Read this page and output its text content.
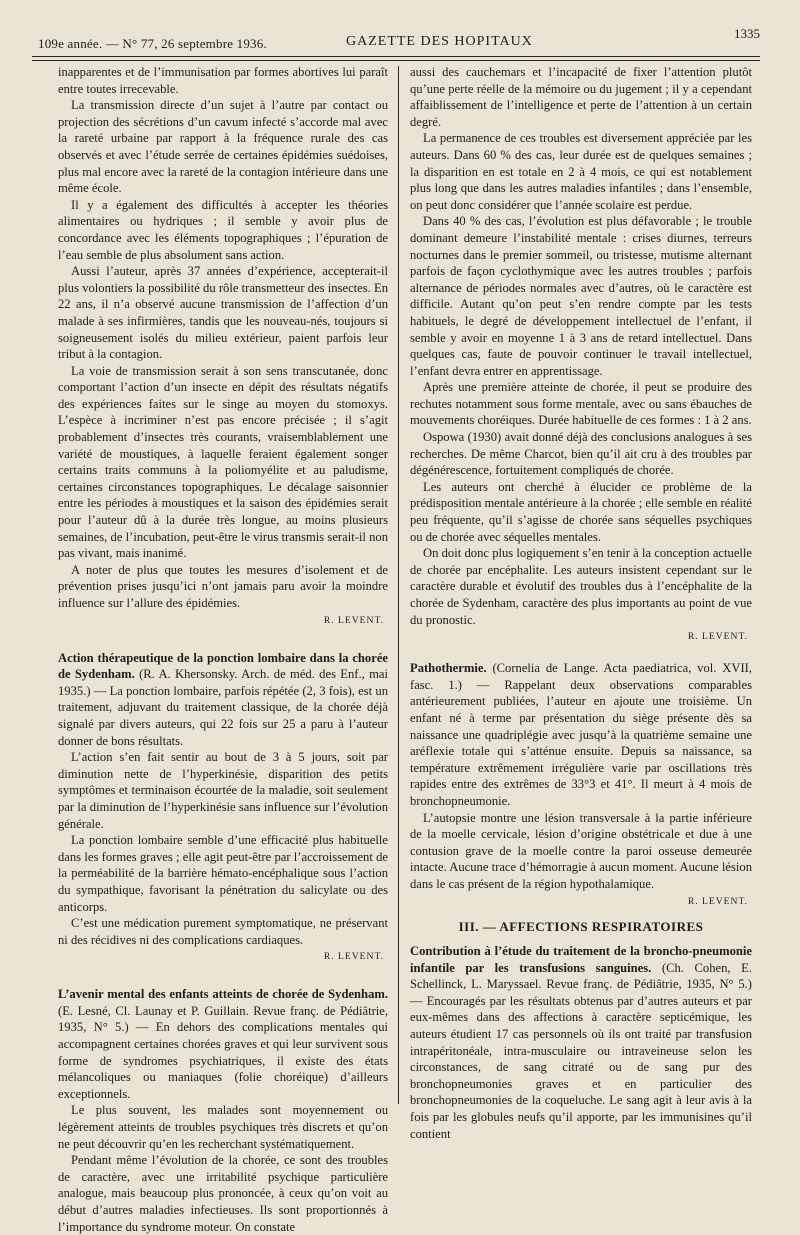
109e année. — N° 77, 26 septembre 1936.	GAZETTE DES HOPITAUX
1335

inapparentes et de l’immunisation par formes abortives lui paraît entre toutes irrecevable.

La transmission directe d’un sujet à l’autre par contact ou projection des sécrétions d’un cavum infecté s’accorde mal avec la rareté urbaine par rapport à la fréquence rurale des cas observés et avec l’étude serrée de certaines épidémies suédoises, plus mal encore avec la rareté de la contagion intérieure dans une même école.

Il y a également des difficultés à accepter les théories alimentaires ou hydriques ; il semble y avoir plus de concordance avec les éléments topographiques ; l’épuration de l’eau semble de plus absolument sans action.

Aussi l’auteur, après 37 années d’expérience, accepterait-il plus volontiers la possibilité du rôle transmetteur des insectes. En 22 ans, il n’a observé aucune transmission de l’affection d’un malade à ses infirmières, tandis que les nouveau-nés, toujours si soigneusement isolés du milieu extérieur, paient parfois leur tribut à la contagion.

La voie de transmission serait à son sens transcutanée, donc comportant l’action d’un insecte en dépit des résultats négatifs des expériences faites sur le singe au moyen du stomoxys. L’espèce à incriminer n’est pas encore précisée ; il s’agit probablement d’insectes très courants, vraisemblablement une variété de moustiques, à laquelle feraient également songer certains traits communs à la poliomyélite et au paludisme, certaines circonstances topographiques. Le décalage saisonnier entre les périodes à moustiques et la saison des épidémies serait pour l’auteur dû à la durée très longue, au moins plusieurs semaines, de l’incubation, peut-être le virus transmis serait-il non pas vivant, mais inanimé.

A noter de plus que toutes les mesures d’isolement et de prévention prises jusqu’ici n’ont jamais paru avoir la moindre influence sur l’allure des épidémies.

R. LEVENT.

Action thérapeutique de la ponction lombaire dans la chorée de Sydenham. (R. A. Khersonsky. Arch. de méd. des Enf., mai 1935.) — La ponction lombaire, parfois répétée (2, 3 fois), est un traitement, adjuvant du traitement classique, de la chorée déjà signalé par divers auteurs, qui 22 fois sur 25 a paru à l’auteur donner de bons résultats.

L’action s’en fait sentir au bout de 3 à 5 jours, soit par diminution nette de l’hyperkinésie, disparition des petits symptômes et terminaison écourtée de la maladie, soit seulement par la diminution de l’hyperkinésie sans influence sur l’évolution générale.

La ponction lombaire semble d’une efficacité plus habituelle dans les formes graves ; elle agit peut-être par l’accroissement de la perméabilité de la barrière hémato-encéphalique sous l’action du sympathique, favorisant la pénétration du salicylate ou des anticorps.

C’est une médication purement symptomatique, ne préservant ni des récidives ni des complications cardiaques.

R. LEVENT.

L’avenir mental des enfants atteints de chorée de Sydenham. (E. Lesné, Cl. Launay et P. Guillain. Revue franç. de Pédiâtrie, 1935, N° 5.) — En dehors des complications mentales qui accompagnent certaines chorées graves et qui leur survivent sous forme de syndromes psychiatriques, il existe des états mélancoliques ou maniaques (folie choréique) d’ailleurs exceptionnels.

Le plus souvent, les malades sont moyennement ou légèrement atteints de troubles psychiques très discrets et qu’on ne peut découvrir qu’en les recherchant systématiquement.

Pendant même l’évolution de la chorée, ce sont des troubles de caractère, avec une irritabilité psychique particulière analogue, mais beaucoup plus prononcée, à ceux qu’on voit au début d’autres maladies infectieuses. Ils sont proportionnés à l’importance du syndrome moteur. On constate

aussi des cauchemars et l’incapacité de fixer l’attention plutôt qu’une perte réelle de la mémoire ou du jugement ; il y a cependant affaiblissement de l’intelligence et perte de l’attention à un certain degré.

La permanence de ces troubles est diversement appréciée par les auteurs. Dans 60 % des cas, leur durée est de quelques semaines ; la disparition en est totale en 2 à 4 mois, ce qui est notablement plus long que dans les autres maladies infantiles ; dans l’ensemble, on peut donc considérer que l’année scolaire est perdue.

Dans 40 % des cas, l’évolution est plus défavorable ; le trouble dominant demeure l’instabilité mentale : crises diurnes, terreurs nocturnes dans le premier sommeil, ou tristesse, mutisme alternant parfois de façon cyclothymique avec les autres troubles ; parfois alternance de périodes normales avec d’autres, où le caractère est difficile. Autant qu’on peut s’en rendre compte par les tests habituels, le degré de développement intellectuel de l’enfant, il semble y avoir en moyenne 1 à 3 ans de retard intellectuel. Dans quelques cas, faute de pouvoir continuer le travail intellectuel, l’enfant devra entrer en apprentissage.

Après une première atteinte de chorée, il peut se produire des rechutes notamment sous forme mentale, avec ou sans ébauches de mouvements choréiques. Durée habituelle de ces formes : 1 à 2 ans.

Ospowa (1930) avait donné déjà des conclusions analogues à ses recherches. De même Charcot, bien qu’il ait cru à des troubles par dégénérescence, fortuitement compliqués de chorée.

Les auteurs ont cherché à élucider ce problème de la prédisposition mentale antérieure à la chorée ; elle semble en réalité peu fréquente, qu’il s’agisse de chorée sans séquelles psychiques ou de chorée avec séquelles mentales.

On doit donc plus logiquement s’en tenir à la conception actuelle de chorée par encéphalite. Les auteurs insistent cependant sur le caractère durable et évolutif des troubles dus à l’encéphalite de la chorée de Sydenham, caractère des plus importants au point de vue du pronostic.

R. LEVENT.

Pathothermie. (Cornelia de Lange. Acta paediatrica, vol. XVII, fasc. 1.) — Rappelant deux observations comparables antérieurement publiées, l’auteur en ajoute une troisième. Un enfant né à terme par présentation du siège présente dès sa naissance une quadriplégie avec jusqu’à la quatrième semaine une aréflexie totale qui s’atténue ensuite. Depuis sa naissance, sa température extrêmement irrégulière varie par oscillations très rapides entre des extrêmes de 33°3 et 41°. Il meurt à 4 mois de bronchopneumonie.

L’autopsie montre une lésion transversale à la partie inférieure de la moelle cervicale, lésion d’origine obstétricale et due à une contusion grave de la moelle contre la paroi osseuse demeurée intacte. Aucune trace d’hémorragie à aucun moment. Aucune lésion dans le cas présent de la région hypothalamique.

R. LEVENT.
III. — AFFECTIONS RESPIRATOIRES

Contribution à l’étude du traitement de la broncho-pneumonie infantile par les transfusions sanguines. (Ch. Cohen, E. Schellinck, L. Maryssael. Revue franç. de Pédiâtrie, 1935, N° 5.) — Encouragés par les résultats obtenus par d’autres auteurs et par eux-mêmes dans des affections à caractère septicémique, les auteurs étudient 17 cas personnels où ils ont traité par transfusion intrapéritonéale, intra-musculaire ou intraveineuse selon les circonstances, de sang citraté ou de sang pur des bronchopneumonies graves et en particulier des bronchopneumonies de la coqueluche. Le sang agit à leur avis à la fois par les globules neufs qu’il apporte, par les immunisines qu’il contient
